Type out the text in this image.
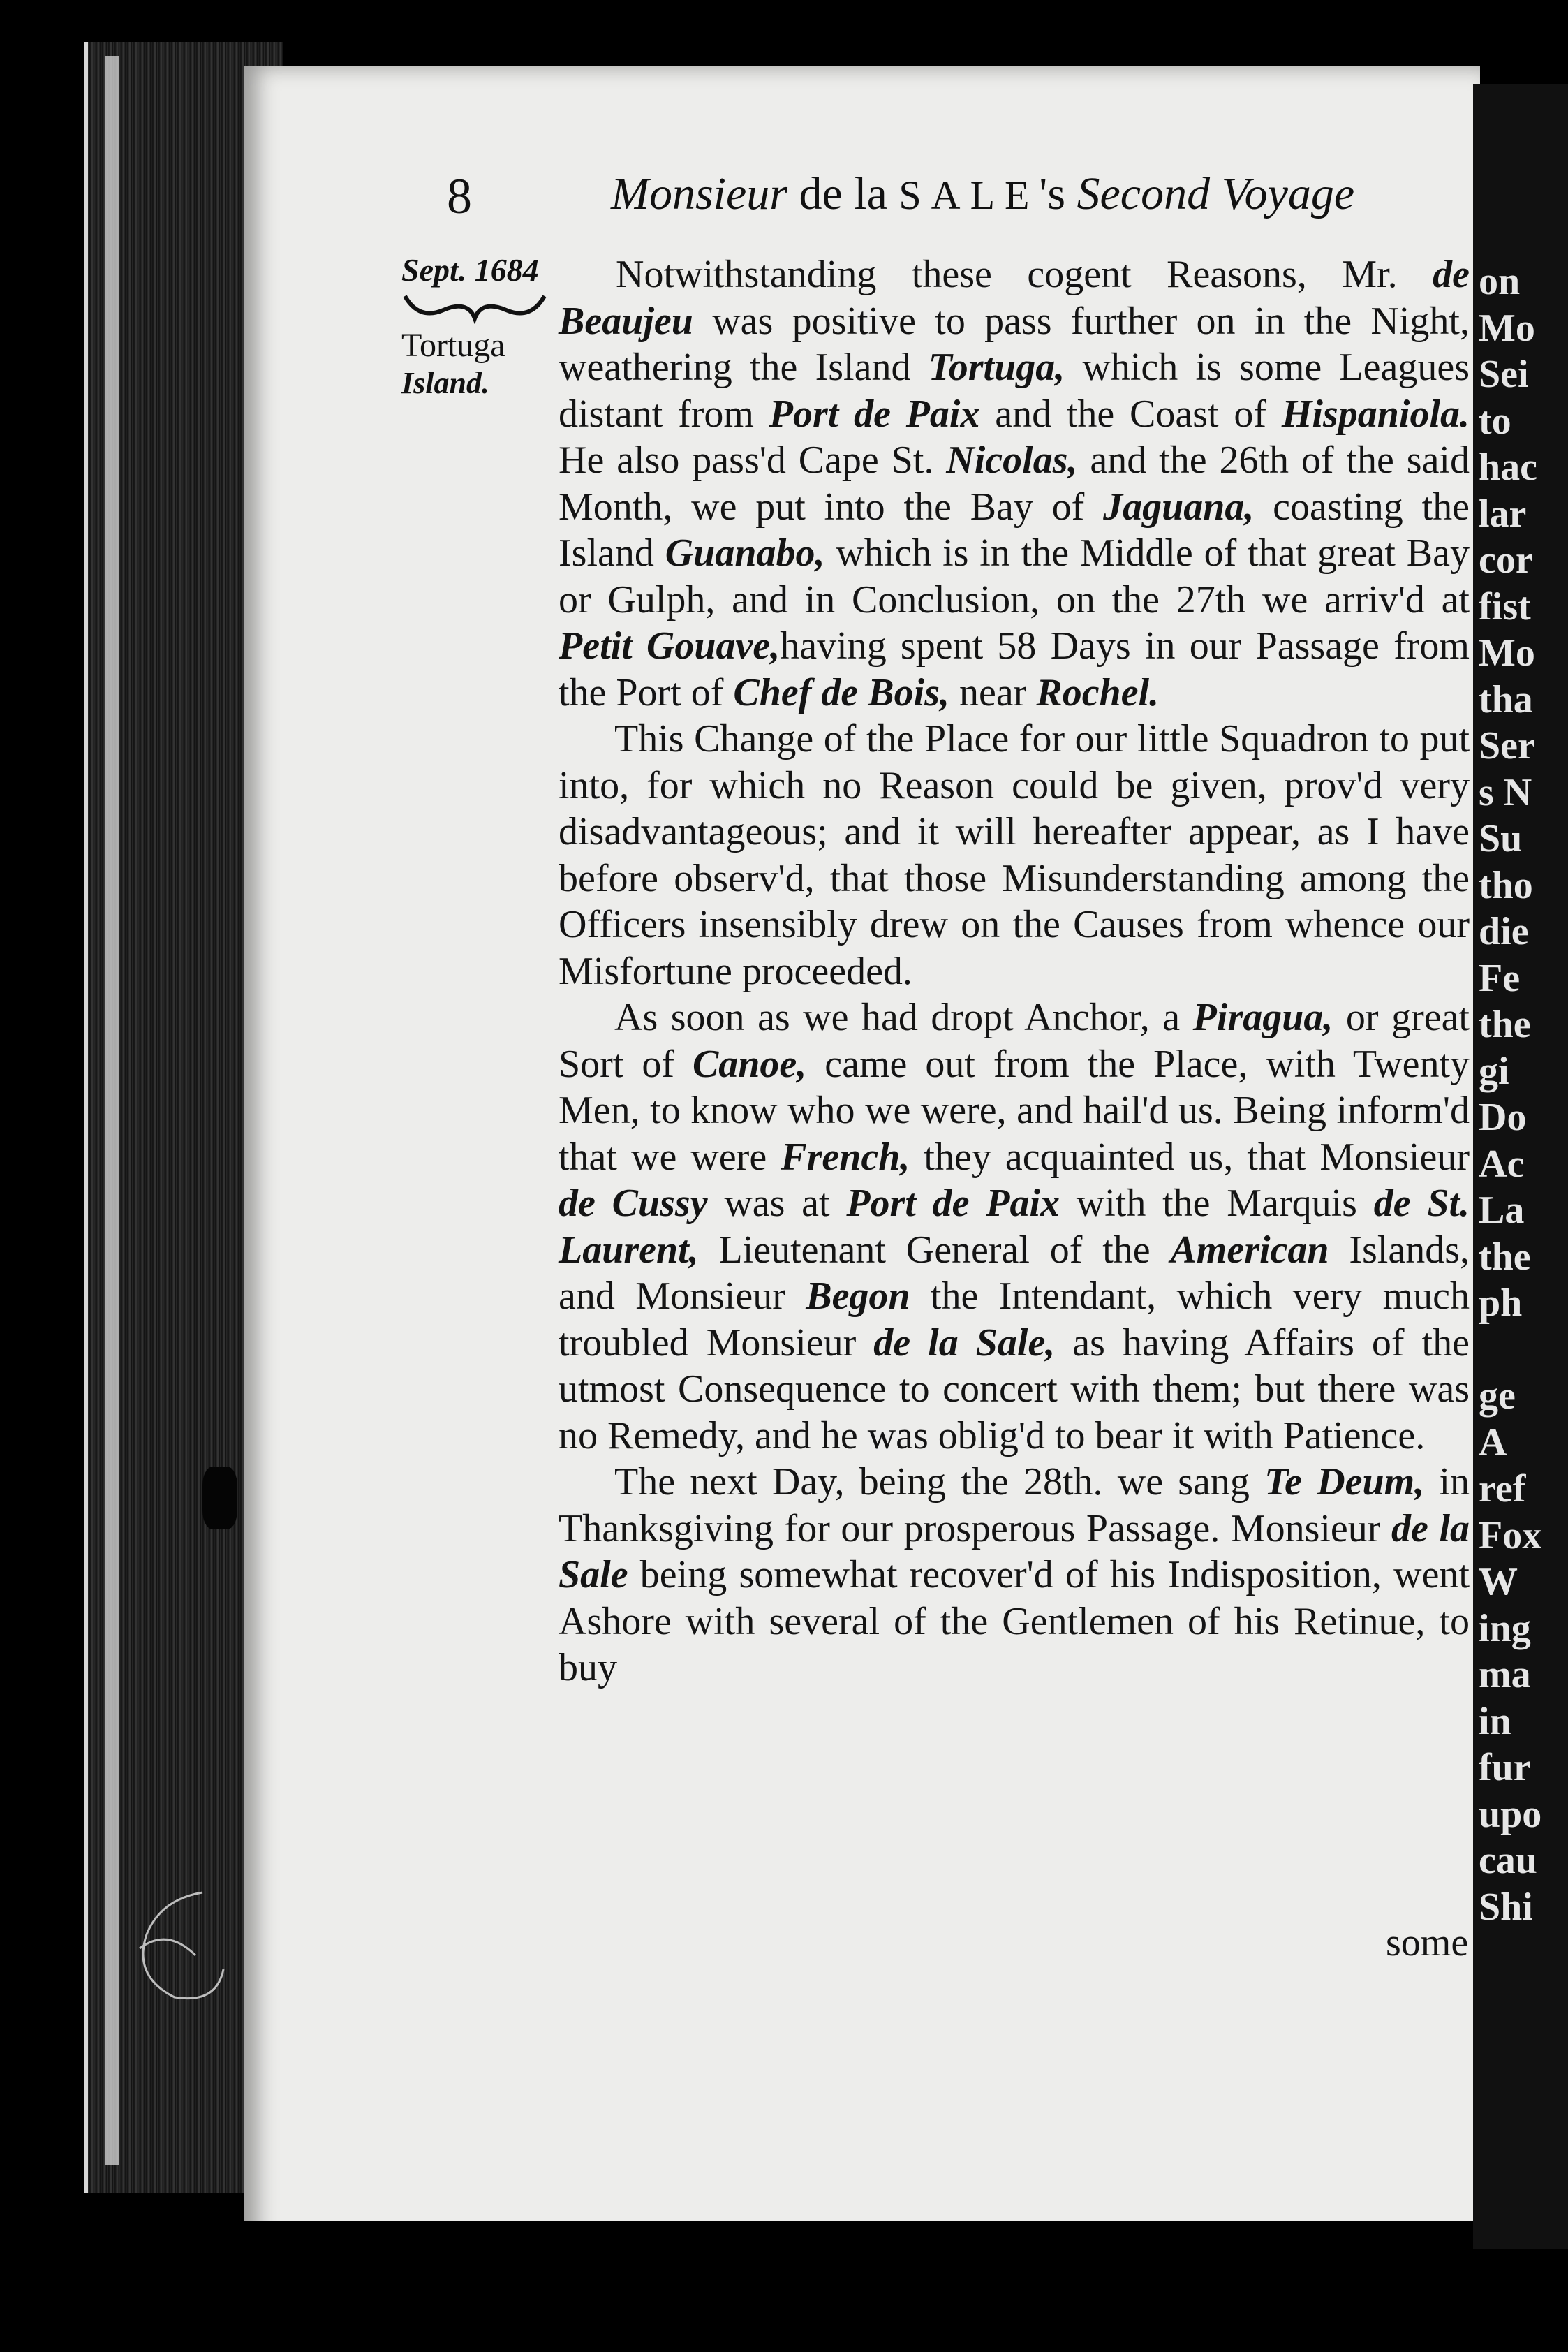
on
Mo
Sei
to
hac
lar
cor
fist
Mo
tha
Ser
s N
Su
tho
die
Fe
the
gi
Do
Ac
La
the
ph
ge
A
ref
Fox
W
ing
ma
in
fur
upo
cau
Shi
8	Monsieur de la SALE's Second Voyage
Sept. 1684
Tortuga
Island.

Notwithstanding these cogent Reasons, Mr. de Beaujeu was positive to pass further on in the Night, weathering the Island Tortuga, which is some Leagues distant from Port de Paix and the Coast of Hispaniola. He also pass'd Cape St. Nicolas, and the 26th of the said Month, we put into the Bay of Jaguana, coasting the Island Guanabo, which is in the Middle of that great Bay or Gulph, and in Conclusion, on the 27th we arriv'd at Petit Gouave,having spent 58 Days in our Passage from the Port of Chef de Bois, near Rochel.

This Change of the Place for our little Squadron to put into, for which no Reason could be given, prov'd very disadvantageous; and it will hereafter appear, as I have before observ'd, that those Misunderstanding among the Officers insensibly drew on the Causes from whence our Misfortune proceeded.

As soon as we had dropt Anchor, a Piragua, or great Sort of Canoe, came out from the Place, with Twenty Men, to know who we were, and hail'd us. Being inform'd that we were French, they acquainted us, that Monsieur de Cussy was at Port de Paix with the Marquis de St. Laurent, Lieutenant General of the American Islands, and Monsieur Begon the Intendant, which very much troubled Monsieur de la Sale, as having Affairs of the utmost Consequence to concert with them; but there was no Remedy, and he was oblig'd to bear it with Patience.

The next Day, being the 28th. we sang Te Deum, in Thanksgiving for our prosperous Passage. Monsieur de la Sale being somewhat recover'd of his Indisposition, went Ashore with several of the Gentlemen of his Retinue, to buy

some
